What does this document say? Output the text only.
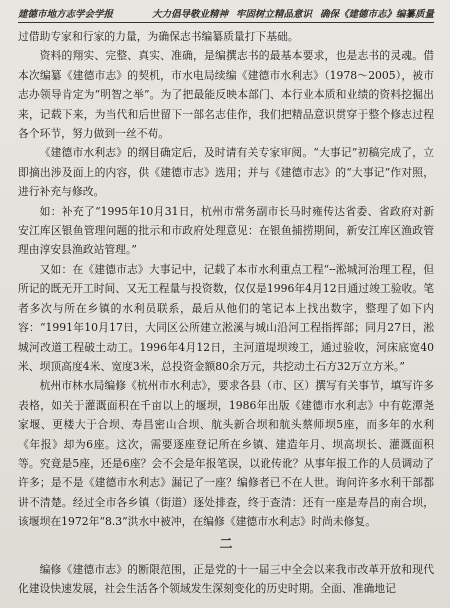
建德市地方志学会学报	大力倡导敬业精神 牢固树立精品意识 确保《建德市志》编纂质量

过借助专家和行家的力量，为确保志书编纂质量打下基础。

资料的翔实、完整、真实、准确，是编撰志书的最基本要求，也是志书的灵魂。借本次编纂《建德市志》的契机，市水电局续编《建德市水利志》（1978～2005），被市志办领导肯定为“明智之举”。为了把最能反映本部门、本行业本质和业绩的资料挖掘出来，记载下来，为当代和后世留下一部名志佳作，我们把精品意识贯穿于整个修志过程各个环节，努力做到一丝不苟。

《建德市水利志》的纲目确定后，及时请有关专家审阅。“大事记”初稿完成了，立即摘出涉及面上的内容，供《建德市志》选用；并与《建德市志》的“大事记”作对照，进行补充与修改。

如：补充了“1995年10月31日，杭州市常务副市长马时雍传达省委、省政府对新安江库区银鱼管理问题的批示和市政府处理意见：在银鱼捕捞期间，新安江库区渔政管理由淳安县渔政站管理。”

又如：在《建德市志》大事记中，记载了本市水利重点工程“╌淞城河治理工程，但所记的既无开工时间、又无工程量与投资数，仅仅是1996年4月12日通过竣工验收。笔者多次与所在乡镇的水利员联系，最后从他们的笔记本上找出数字，整理了如下内容：“1991年10月17日，大同区公所建立淞溪与城山沿河工程指挥部；同月27日，淞城河改道工程破土动工。1996年4月12日，主河道堤坝竣工，通过验收，河床底宽40米、坝顶高度4米、宽度3米，总投资金额80余万元，共挖动土石方32万立方米。”

杭州市林水局编修《杭州市水利志》，要求各县（市、区）撰写有关事节，填写许多表格，如关于灌溉面积在千亩以上的堰坝，1986年出版《建德市水利志》中有乾潭尧家堰、更楼大于合坝、寿昌密山合坝、航头新合坝和航头蔡师坝5座，而多年的水利《年报》却为6座。这次，需要逐座登记所在乡镇、建造年月、坝高坝长、灌溉面积等。究竟是5座，还是6座？会不会是年报笔误，以讹传讹？从事年报工作的人员调动了许多；是不是《建德市水利志》漏记了一座？编修者已不在人世。询问许多水利干部都讲不清楚。经过全市各乡镇（街道）逐处排查，终于查清：还有一座是寿昌的南合坝，该堰坝在1972年“8.3”洪水中被冲，在编修《建德市水利志》时尚未修复。

二

编修《建德市志》的断限范围，正是党的十一届三中全会以来我市改革开放和现代化建设快速发展，社会生活各个领域发生深刻变化的历史时期。全面、准确地记
